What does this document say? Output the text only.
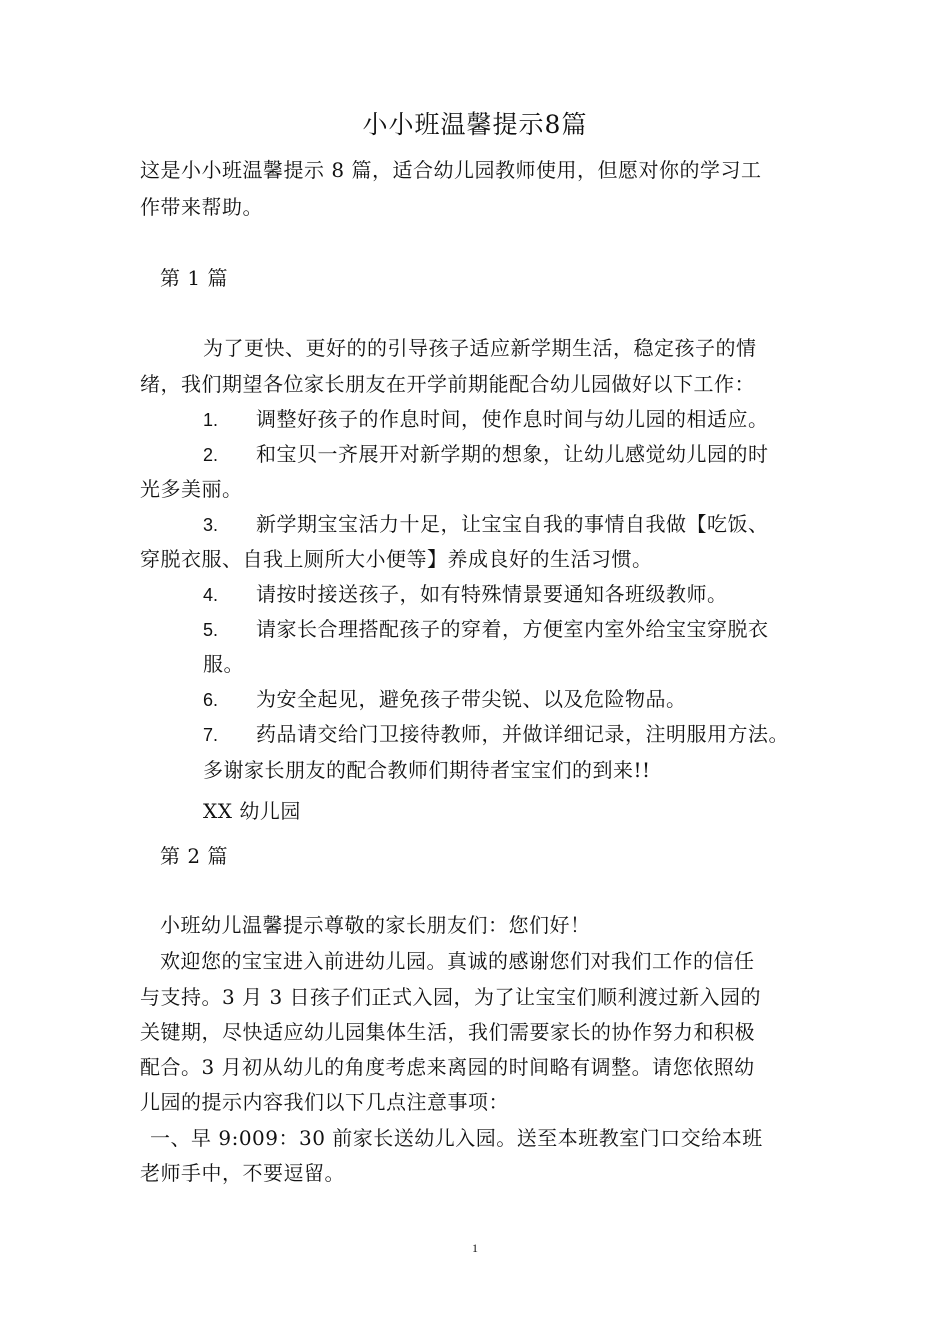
小小班温馨提示8篇
这是小小班温馨提示 8 篇，适合幼儿园教师使用，但愿对你的学习工
作带来帮助。
第 1 篇
为了更快、更好的的引导孩子适应新学期生活，稳定孩子的情
绪，我们期望各位家长朋友在开学前期能配合幼儿园做好以下工作：
1. 调整好孩子的作息时间，使作息时间与幼儿园的相适应。
2. 和宝贝一齐展开对新学期的想象，让幼儿感觉幼儿园的时
光多美丽。
3. 新学期宝宝活力十足，让宝宝自我的事情自我做【吃饭、
穿脱衣服、自我上厕所大小便等】养成良好的生活习惯。
4. 请按时接送孩子，如有特殊情景要通知各班级教师。
5. 请家长合理搭配孩子的穿着，方便室内室外给宝宝穿脱衣
服。
6. 为安全起见，避免孩子带尖锐、以及危险物品。
7. 药品请交给门卫接待教师，并做详细记录，注明服用方法。
多谢家长朋友的配合教师们期待者宝宝们的到来!!
XX 幼儿园
第 2 篇
小班幼儿温馨提示尊敬的家长朋友们：您们好！
欢迎您的宝宝进入前进幼儿园。真诚的感谢您们对我们工作的信任
与支持。3 月 3 日孩子们正式入园，为了让宝宝们顺利渡过新入园的
关键期，尽快适应幼儿园集体生活，我们需要家长的协作努力和积极
配合。3 月初从幼儿的角度考虑来离园的时间略有调整。请您依照幼
儿园的提示内容我们以下几点注意事项：
一、早 9:009：30 前家长送幼儿入园。送至本班教室门口交给本班
老师手中，不要逗留。
1
